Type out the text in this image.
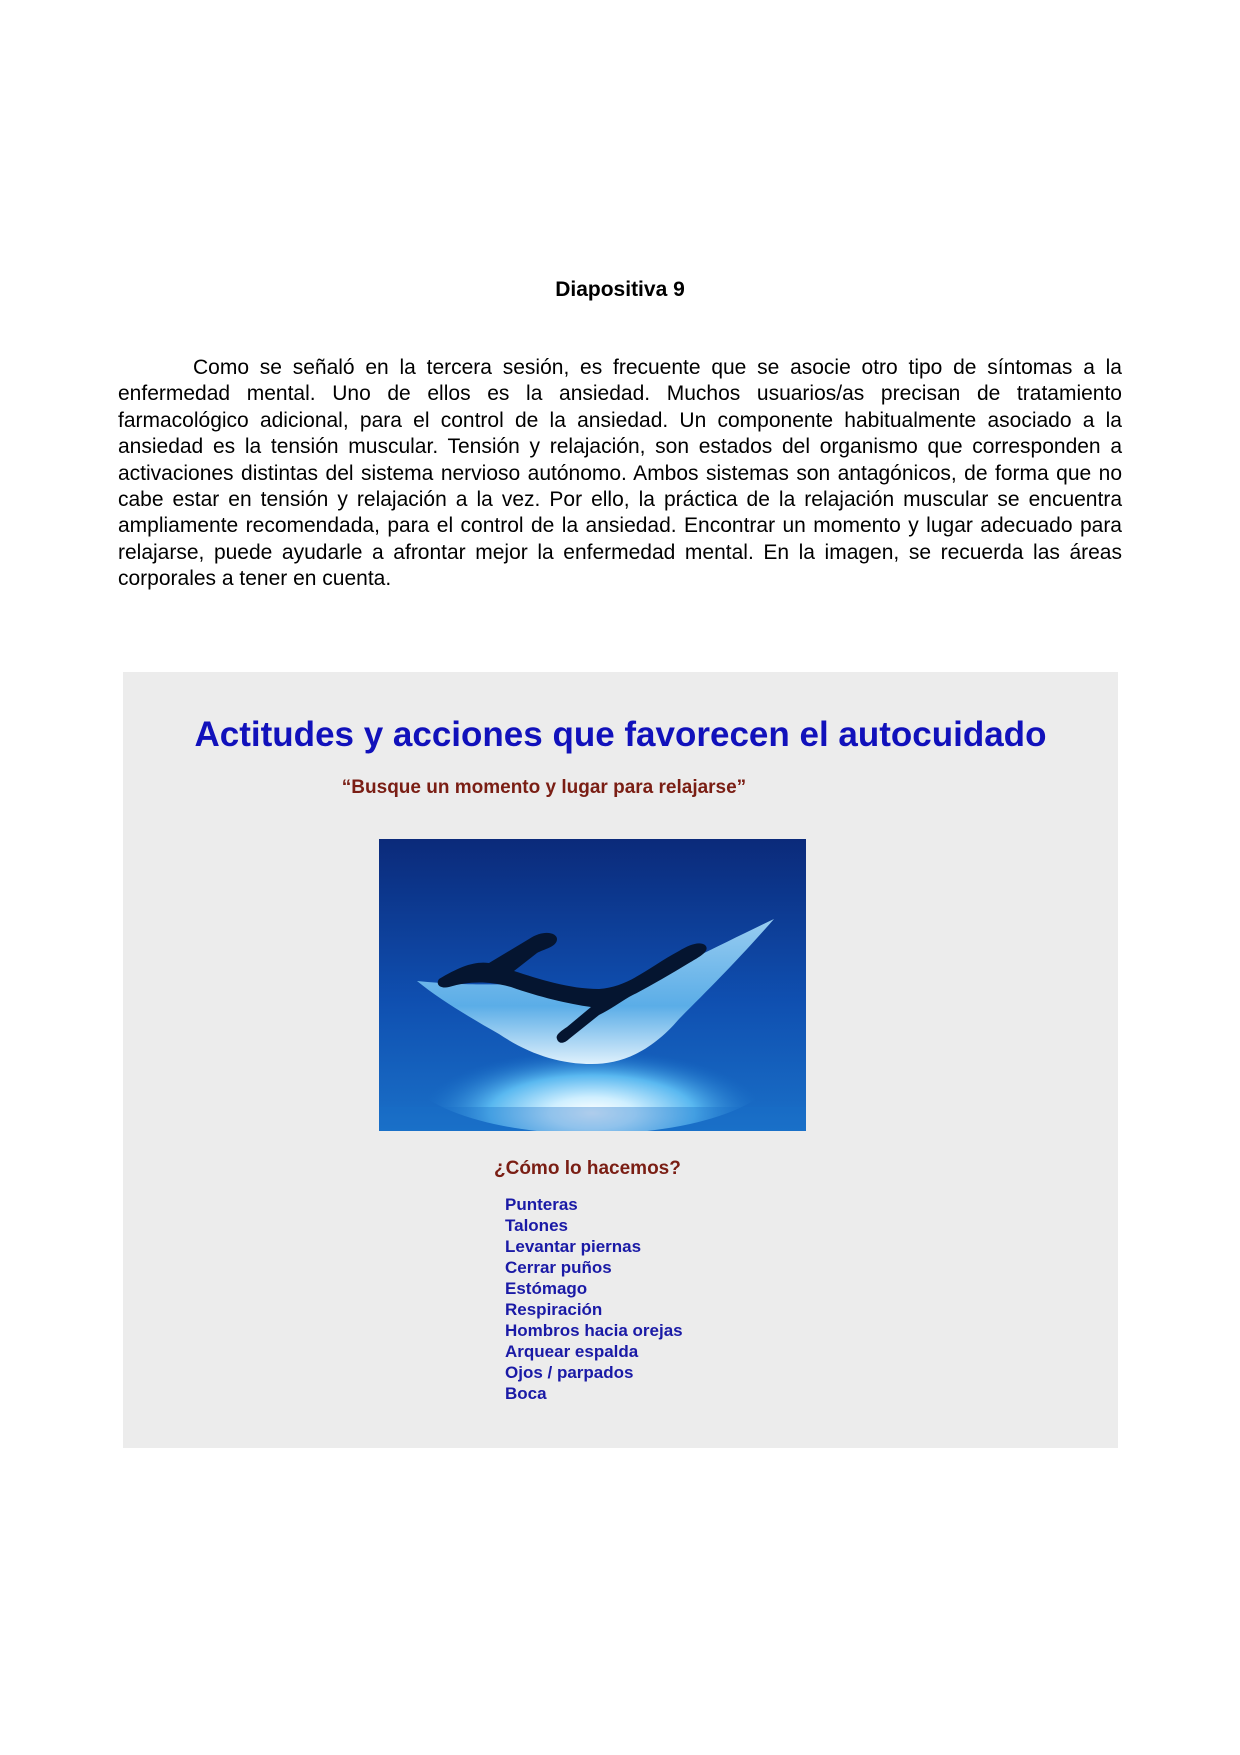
Diapositiva 9

Como se señaló en la tercera sesión, es frecuente que se asocie otro tipo de síntomas a la enfermedad mental. Uno de ellos es la ansiedad. Muchos usuarios/as precisan de tratamiento farmacológico adicional, para el control de la ansiedad. Un componente habitualmente asociado a la ansiedad es la tensión muscular. Tensión y relajación, son estados del organismo que corresponden a activaciones distintas del sistema nervioso autónomo. Ambos sistemas son antagónicos, de forma que no cabe estar en tensión y relajación a la vez. Por ello, la práctica de la relajación muscular se encuentra ampliamente recomendada, para el control de la ansiedad. Encontrar un momento y lugar adecuado para relajarse, puede ayudarle a afrontar mejor la enfermedad mental. En la imagen, se recuerda las áreas corporales a tener en cuenta.

Actitudes y acciones que favorecen el autocuidado
“Busque un momento y lugar para relajarse”
¿Cómo lo hacemos?
Punteras
Talones
Levantar piernas
Cerrar puños
Estómago
Respiración
Hombros hacia orejas
Arquear espalda
Ojos / parpados
Boca
